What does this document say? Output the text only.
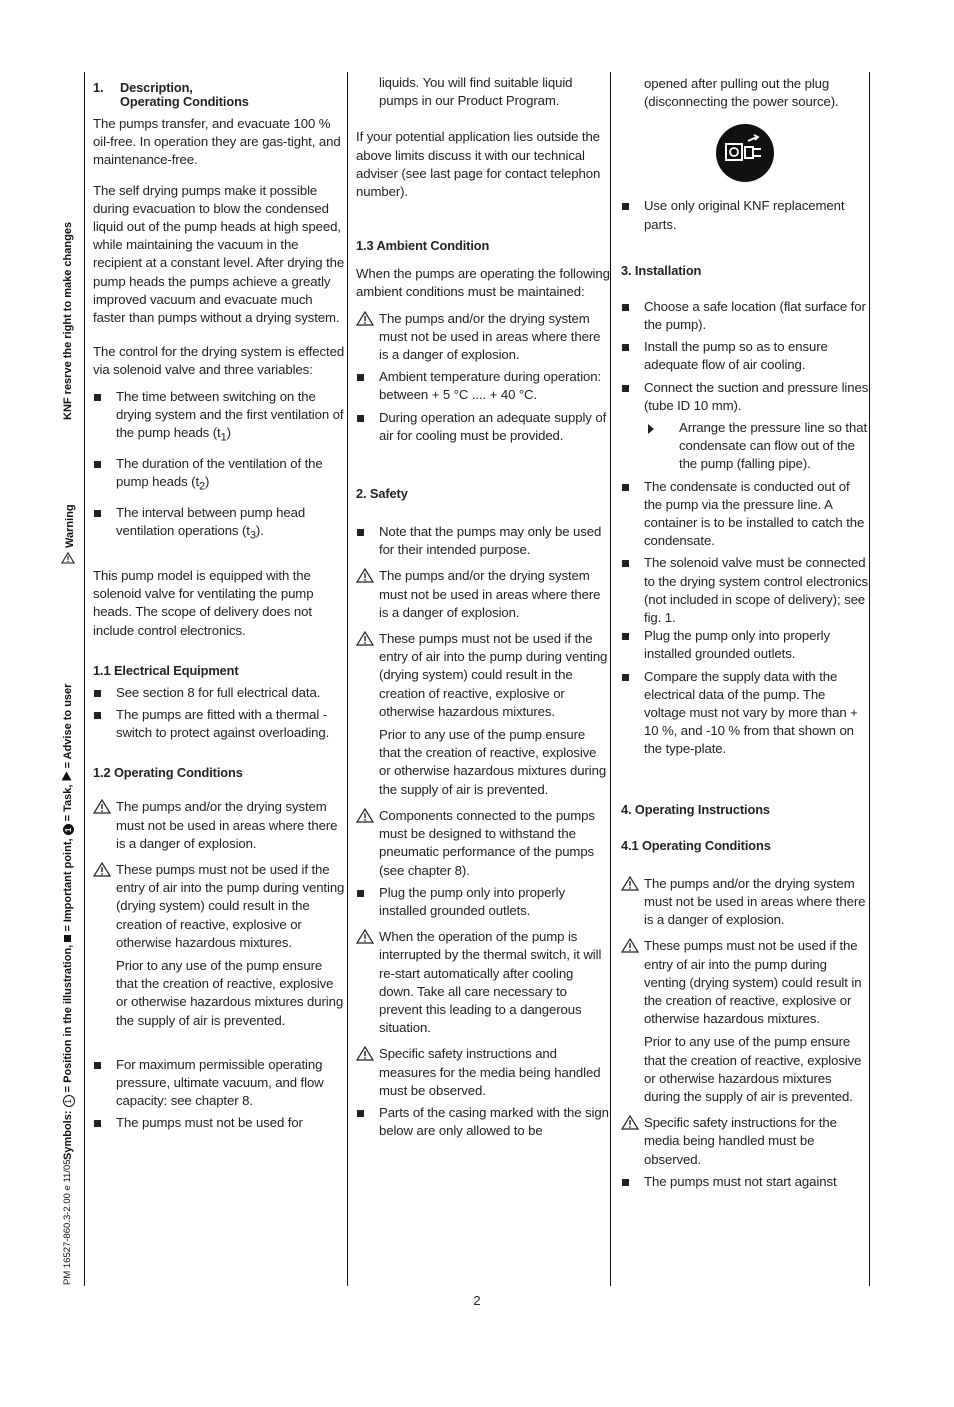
KNF resrve the right to make changes
Warning
Symbols: 1 = Position in the illustration,  = Important point, 1 = Task,  = Advise to user
PM 16527-860.3-2.00 e 11/05
1.	Description,
Operating Conditions

The pumps transfer, and evacuate 100 % oil-free. In operation they are gas-tight, and maintenance-free.

The self drying pumps make it possible during evacuation to blow the condensed liquid out of the pump heads at high speed, while maintaining the vacuum in the recipient at a constant level. After drying the pump heads the pumps achieve a greatly improved vacuum and evacuate much faster than pumps without a drying system.

The control for the drying system is effected via solenoid valve and three variables:

The time between switching on the drying system and the first ventilation of the pump heads $(t_1)$
The duration of the ventilation of the pump heads $(t_2)$
The interval between pump head ventilation operations $(t_3)$.

This pump model is equipped with the solenoid valve for ventilating the pump heads. The scope of delivery does not include control electronics.

1.1 Electrical Equipment

See section 8 for full electrical data.
The pumps are fitted with a thermal -switch to protect against overloading.

1.2 Operating Conditions

The pumps and/or the drying system must not be used in areas where there is a danger of explosion.
These pumps must not be used if the entry of air into the pump during venting (drying system) could result in the creation of reactive, explosive or otherwise hazardous mixtures.

Prior to any use of the pump ensure that the creation of reactive, explosive or otherwise hazardous mixtures during the supply of air is prevented.

For maximum permissible operating pressure, ultimate vacuum, and flow capacity: see chapter 8.
The pumps must not be used for

liquids. You will find suitable liquid pumps in our Product Program.

If your potential application lies outside the above limits discuss it with our technical adviser (see last page for contact telephon number).

1.3 Ambient Condition

When the pumps are operating the following ambient conditions must be maintained:

The pumps and/or the drying system must not be used in areas where there is a danger of explosion.
Ambient temperature during operation: between + 5 °C .... + 40 °C.
During operation an adequate supply of air for cooling must be provided.

2. Safety

Note that the pumps may only be used for their intended purpose.
The pumps and/or the drying system must not be used in areas where there is a danger of explosion.
These pumps must not be used if the entry of air into the pump during venting (drying system) could result in the creation of reactive, explosive or otherwise hazardous mixtures.

Prior to any use of the pump ensure that the creation of reactive, explosive or otherwise hazardous mixtures during the supply of air is prevented.

Components connected to the pumps must be designed to withstand the pneumatic performance of the pumps (see chapter 8).
Plug the pump only into properly installed grounded outlets.
When the operation of the pump is interrupted by the thermal switch, it will re-start automatically after cooling down. Take all care necessary to prevent this leading to a dangerous situation.
Specific safety instructions and measures for the media being handled must be observed.
Parts of the casing marked with the sign below are only allowed to be

opened after pulling out the plug (disconnecting the power source).

Use only original KNF replacement parts.

3. Installation

Choose a safe location (flat surface for the pump).
Install the pump so as to ensure adequate flow of air cooling.
Connect the suction and pressure lines (tube ID 10 mm).
Arrange the pressure line so that condensate can flow out of the the pump (falling pipe).
The condensate is conducted out of the pump via the pressure line. A container is to be installed to catch the condensate.
The solenoid valve must be connected to the drying system control electronics (not included in scope of delivery); see fig. 1.
Plug the pump only into properly installed grounded outlets.
Compare the supply data with the electrical data of the pump. The voltage must not vary by more than + 10 %, and -10 % from that shown on the type-plate.

4. Operating Instructions

4.1 Operating Conditions

The pumps and/or the drying system must not be used in areas where there is a danger of explosion.
These pumps must not be used if the entry of air into the pump during venting (drying system) could result in the creation of reactive, explosive or otherwise hazardous mixtures.

Prior to any use of the pump ensure that the creation of reactive, explosive or otherwise hazardous mixtures during the supply of air is prevented.

Specific safety instructions for the media being handled must be observed.
The pumps must not start against
2
